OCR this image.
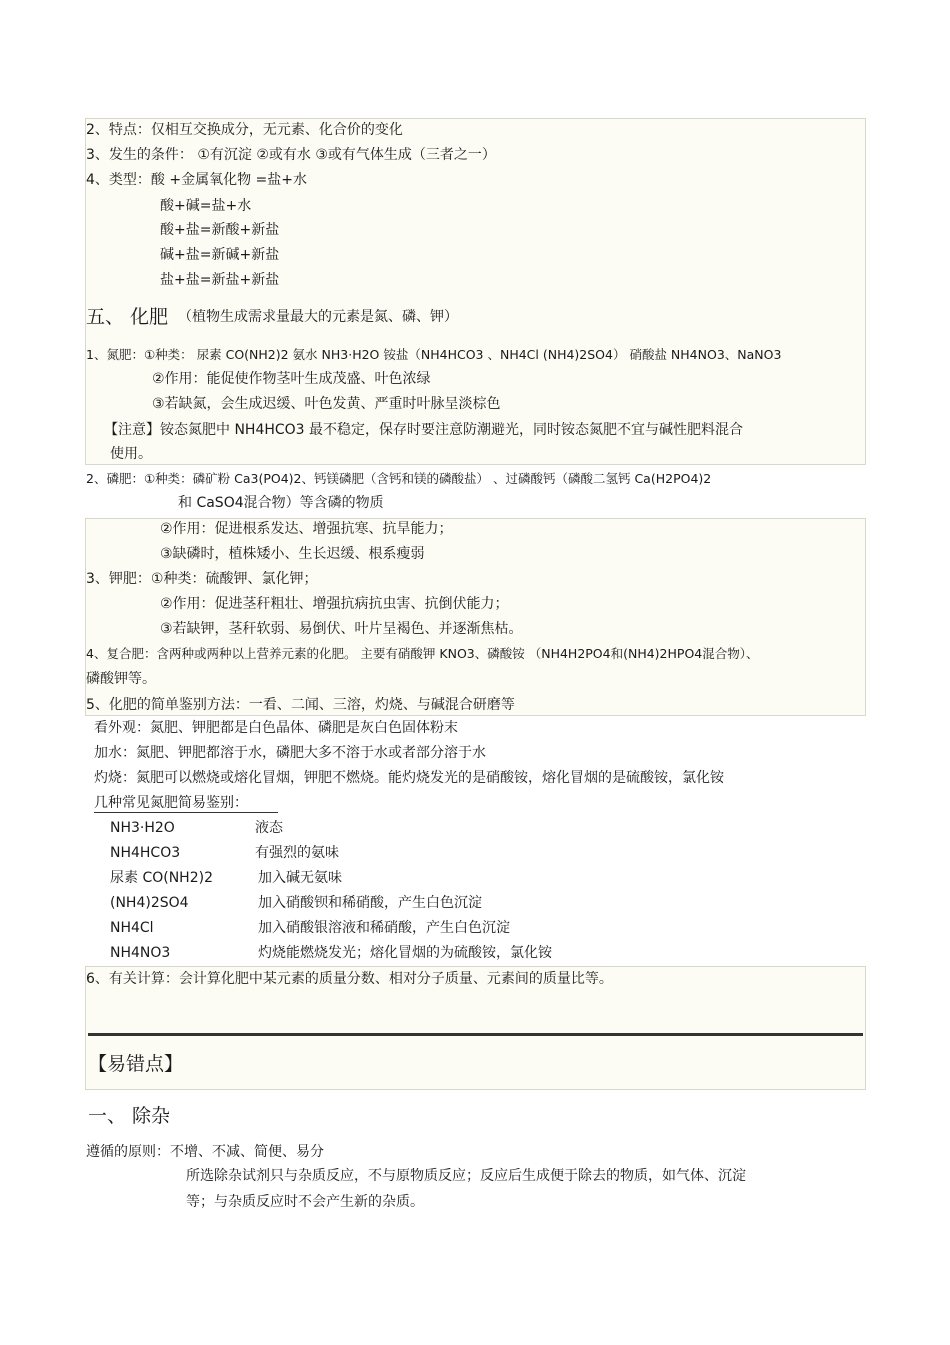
2、特点：仅相互交换成分，无元素、化合价的变化
3、发生的条件： ①有沉淀 ②或有水 ③或有气体生成（三者之一）
4、类型：酸 +金属氧化物 =盐+水
酸+碱=盐+水
酸+盐=新酸+新盐
碱+盐=新碱+新盐
盐+盐=新盐+新盐
五、 化肥 （植物生成需求量最大的元素是氮、磷、钾）
1、氮肥：①种类： 尿素 CO(NH2)2 氨水 NH3·H2O 铵盐（NH4HCO3 、NH4Cl (NH4)2SO4） 硝酸盐 NH4NO3、NaNO3
②作用：能促使作物茎叶生成茂盛、叶色浓绿
③若缺氮，会生成迟缓、叶色发黄、严重时叶脉呈淡棕色
【注意】铵态氮肥中 NH4HCO3 最不稳定，保存时要注意防潮避光，同时铵态氮肥不宜与碱性肥料混合
使用。
2、磷肥：①种类：磷矿粉 Ca3(PO4)2、钙镁磷肥（含钙和镁的磷酸盐） 、过磷酸钙（磷酸二氢钙 Ca(H2PO4)2
和 CaSO4混合物）等含磷的物质
②作用：促进根系发达、增强抗寒、抗旱能力；
③缺磷时，植株矮小、生长迟缓、根系瘦弱
3、钾肥：①种类：硫酸钾、氯化钾；
②作用：促进茎秆粗壮、增强抗病抗虫害、抗倒伏能力；
③若缺钾，茎秆软弱、易倒伏、叶片呈褐色、并逐渐焦枯。
4、复合肥：含两种或两种以上营养元素的化肥。 主要有硝酸钾 KNO3、磷酸铵 （NH4H2PO4和(NH4)2HPO4混合物）、
磷酸钾等。
5、化肥的简单鉴别方法：一看、二闻、三溶，灼烧、与碱混合研磨等
看外观：氮肥、钾肥都是白色晶体、磷肥是灰白色固体粉末
加水：氮肥、钾肥都溶于水，磷肥大多不溶于水或者部分溶于水
灼烧：氮肥可以燃烧或熔化冒烟，钾肥不燃烧。能灼烧发光的是硝酸铵，熔化冒烟的是硫酸铵，氯化铵
几种常见氮肥简易鉴别：
NH3·H2O	液态
NH4HCO3	有强烈的氨味
尿素 CO(NH2)2	加入碱无氨味
(NH4)2SO4	加入硝酸钡和稀硝酸，产生白色沉淀
NH4Cl	加入硝酸银溶液和稀硝酸，产生白色沉淀
NH4NO3	灼烧能燃烧发光；熔化冒烟的为硫酸铵，氯化铵
6、有关计算：会计算化肥中某元素的质量分数、相对分子质量、元素间的质量比等。
【易错点】
一、 除杂
遵循的原则：不增、不减、简便、易分
所选除杂试剂只与杂质反应，不与原物质反应；反应后生成便于除去的物质，如气体、沉淀
等；与杂质反应时不会产生新的杂质。
